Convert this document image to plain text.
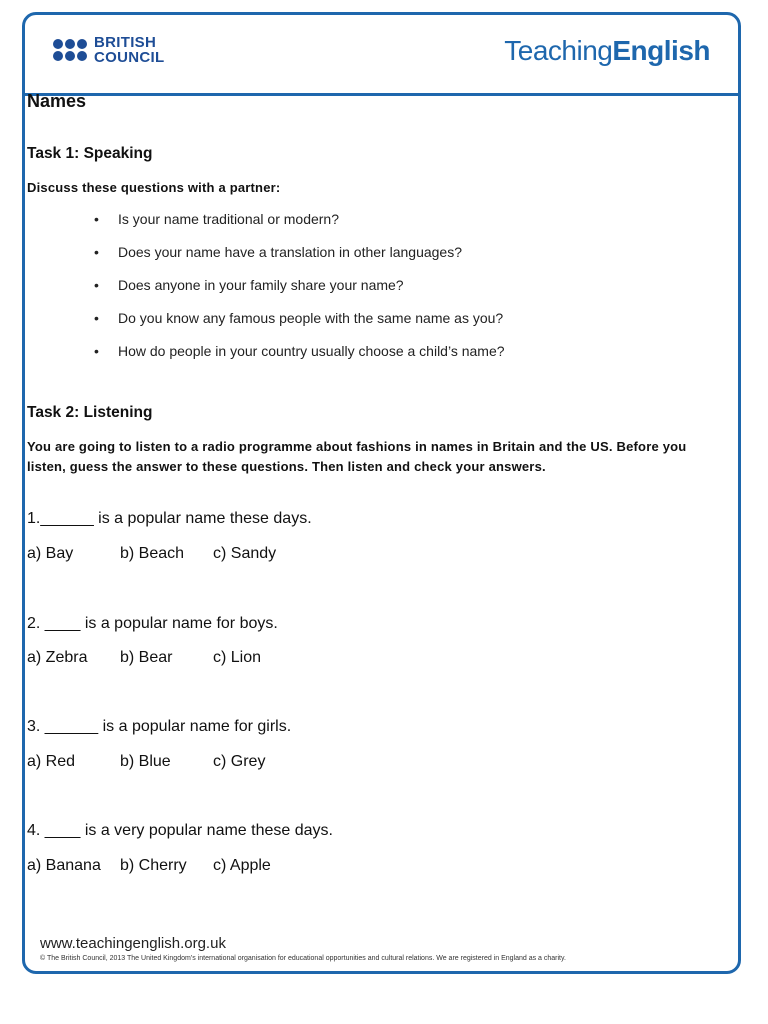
BRITISH
COUNCIL	TeachingEnglish
Names
Task 1: Speaking
Discuss these questions with a partner:
• Is your name traditional or modern?
• Does your name have a translation in other languages?
• Does anyone in your family share your name?
• Do you know any famous people with the same name as you?
• How do people in your country usually choose a child’s name?
Task 2: Listening
You are going to listen to a radio programme about fashions in names in Britain and the US. Before you listen, guess the answer to these questions. Then listen and check your answers.
1.______ is a popular name these days.
a) Bay	b) Beach	c) Sandy
2. ____ is a popular name for boys.
a) Zebra	b) Bear	c) Lion
3. ______ is a popular name for girls.
a) Red	b) Blue	c) Grey
4. ____ is a very popular name these days.
a) Banana	b) Cherry	c) Apple
www.teachingenglish.org.uk
© The British Council, 2013 The United Kingdom’s international organisation for educational opportunities and cultural relations. We are registered in England as a charity.
